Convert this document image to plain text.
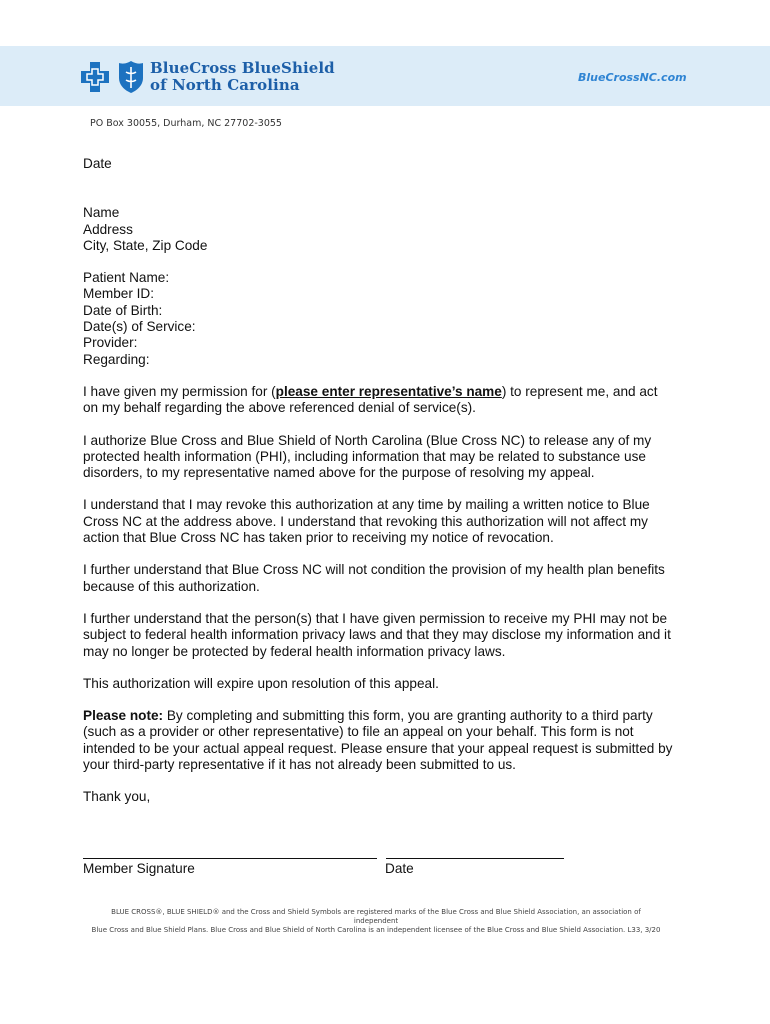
BlueCross BlueShield
of North Carolina	BlueCrossNC.com
PO Box 30055, Durham, NC 27702-3055

Date

Name

Address

City, State, Zip Code

Patient Name:

Member ID:

Date of Birth:

Date(s) of Service:

Provider:

Regarding:

I have given my permission for (please enter representative’s name) to represent me, and act on my behalf regarding the above referenced denial of service(s).

I authorize Blue Cross and Blue Shield of North Carolina (Blue Cross NC) to release any of my protected health information (PHI), including information that may be related to substance use disorders, to my representative named above for the purpose of resolving my appeal.

I understand that I may revoke this authorization at any time by mailing a written notice to Blue Cross NC at the address above. I understand that revoking this authorization will not affect my action that Blue Cross NC has taken prior to receiving my notice of revocation.

I further understand that Blue Cross NC will not condition the provision of my health plan benefits because of this authorization.

I further understand that the person(s) that I have given permission to receive my PHI may not be subject to federal health information privacy laws and that they may disclose my information and it may no longer be protected by federal health information privacy laws.

This authorization will expire upon resolution of this appeal.

Please note: By completing and submitting this form, you are granting authority to a third party (such as a provider or other representative) to file an appeal on your behalf. This form is not intended to be your actual appeal request. Please ensure that your appeal request is submitted by your third-party representative if it has not already been submitted to us.

Thank you,

Member Signature	Date
BLUE CROSS®, BLUE SHIELD® and the Cross and Shield Symbols are registered marks of the Blue Cross and Blue Shield Association, an association of independent
Blue Cross and Blue Shield Plans. Blue Cross and Blue Shield of North Carolina is an independent licensee of the Blue Cross and Blue Shield Association. L33, 3/20
